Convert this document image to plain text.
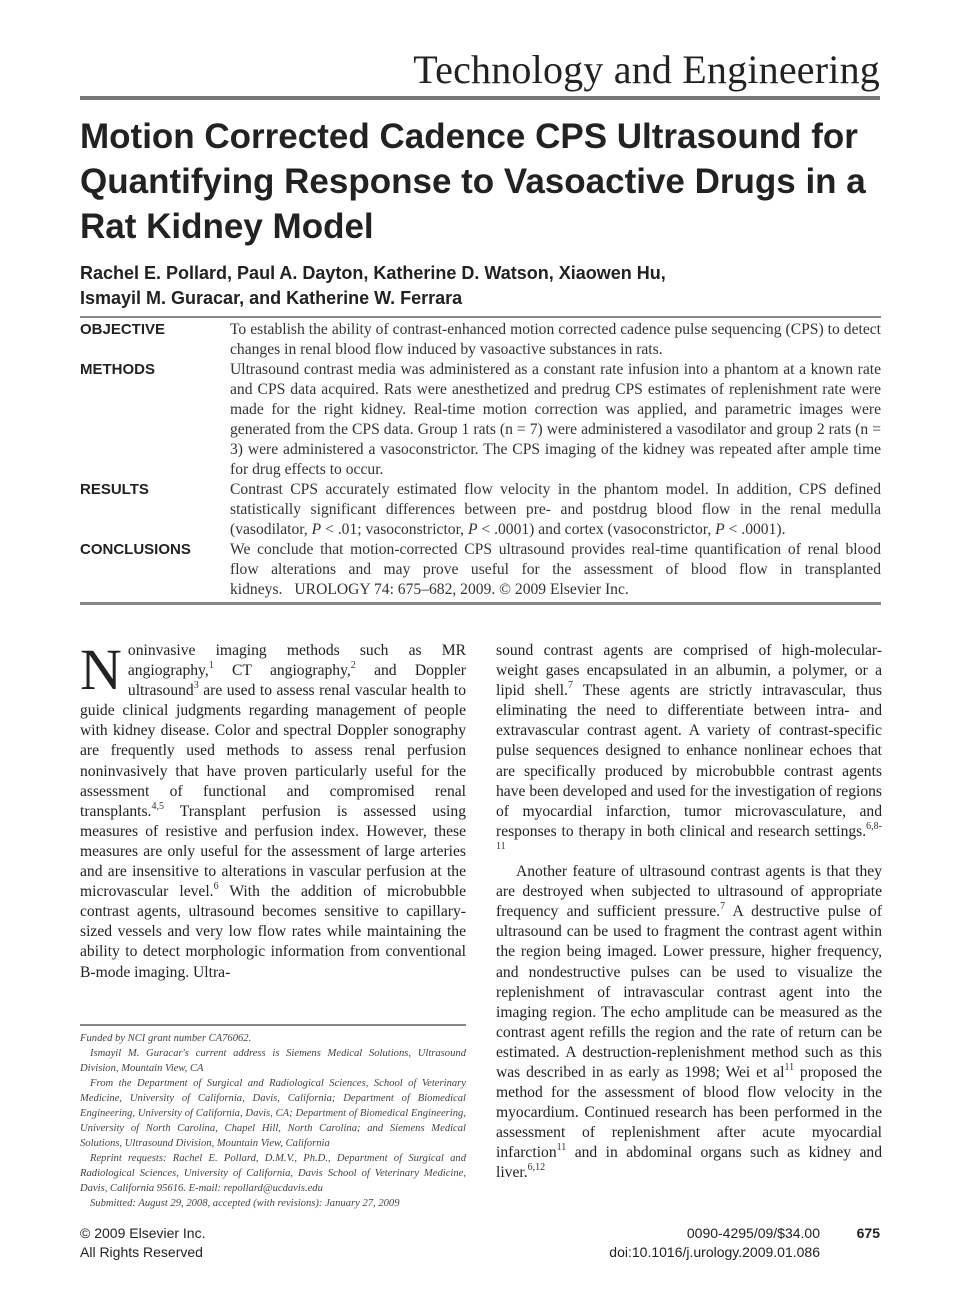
Technology and Engineering
Motion Corrected Cadence CPS Ultrasound for Quantifying Response to Vasoactive Drugs in a Rat Kidney Model
Rachel E. Pollard, Paul A. Dayton, Katherine D. Watson, Xiaowen Hu,
Ismayil M. Guracar, and Katherine W. Ferrara
OBJECTIVE	To establish the ability of contrast-enhanced motion corrected cadence pulse sequencing (CPS) to detect changes in renal blood flow induced by vasoactive substances in rats.
METHODS	Ultrasound contrast media was administered as a constant rate infusion into a phantom at a known rate and CPS data acquired. Rats were anesthetized and predrug CPS estimates of replenishment rate were made for the right kidney. Real-time motion correction was applied, and parametric images were generated from the CPS data. Group 1 rats (n = 7) were administered a vasodilator and group 2 rats (n = 3) were administered a vasoconstrictor. The CPS imaging of the kidney was repeated after ample time for drug effects to occur.
RESULTS	Contrast CPS accurately estimated flow velocity in the phantom model. In addition, CPS defined statistically significant differences between pre- and postdrug blood flow in the renal medulla (vasodilator, P < .01; vasoconstrictor, P < .0001) and cortex (vasoconstrictor, P < .0001).
CONCLUSIONS	We conclude that motion-corrected CPS ultrasound provides real-time quantification of renal blood flow alterations and may prove useful for the assessment of blood flow in transplanted kidneys. UROLOGY 74: 675–682, 2009. © 2009 Elsevier Inc.

Noninvasive imaging methods such as MR angiography,$^1$ CT angiography,$^2$ and Doppler ultrasound$^3$ are used to assess renal vascular health to guide clinical judgments regarding management of people with kidney disease. Color and spectral Doppler sonography are frequently used methods to assess renal perfusion noninvasively that have proven particularly useful for the assessment of functional and compromised renal transplants.$^{4,5}$ Transplant perfusion is assessed using measures of resistive and perfusion index. However, these measures are only useful for the assessment of large arteries and are insensitive to alterations in vascular perfusion at the microvascular level.$^6$ With the addition of microbubble contrast agents, ultrasound becomes sensitive to capillary-sized vessels and very low flow rates while maintaining the ability to detect morphologic information from conventional B-mode imaging. Ultra-

sound contrast agents are comprised of high-molecular-weight gases encapsulated in an albumin, a polymer, or a lipid shell.$^7$ These agents are strictly intravascular, thus eliminating the need to differentiate between intra- and extravascular contrast agent. A variety of contrast-specific pulse sequences designed to enhance nonlinear echoes that are specifically produced by microbubble contrast agents have been developed and used for the investigation of regions of myocardial infarction, tumor microvasculature, and responses to therapy in both clinical and research settings.$^{6,8-11}$

Another feature of ultrasound contrast agents is that they are destroyed when subjected to ultrasound of appropriate frequency and sufficient pressure.$^7$ A destructive pulse of ultrasound can be used to fragment the contrast agent within the region being imaged. Lower pressure, higher frequency, and nondestructive pulses can be used to visualize the replenishment of intravascular contrast agent into the imaging region. The echo amplitude can be measured as the contrast agent refills the region and the rate of return can be estimated. A destruction-replenishment method such as this was described in as early as 1998; Wei et $al^{11}$ proposed the method for the assessment of blood flow velocity in the myocardium. Continued research has been performed in the assessment of replenishment after acute myocardial infarction$^{11}$ and in abdominal organs such as kidney and liver.$^{6,12}$

Funded by NCI grant number CA76062.

Ismayil M. Guracar's current address is Siemens Medical Solutions, Ultrasound Division, Mountain View, CA

From the Department of Surgical and Radiological Sciences, School of Veterinary Medicine, University of California, Davis, California; Department of Biomedical Engineering, University of California, Davis, CA; Department of Biomedical Engineering, University of North Carolina, Chapel Hill, North Carolina; and Siemens Medical Solutions, Ultrasound Division, Mountain View, California

Reprint requests: Rachel E. Pollard, D.M.V., Ph.D., Department of Surgical and Radiological Sciences, University of California, Davis School of Veterinary Medicine, Davis, California 95616. E-mail: repollard@ucdavis.edu

Submitted: August 29, 2008, accepted (with revisions): January 27, 2009

© 2009 Elsevier Inc.
All Rights Reserved
0090-4295/09/$34.00
doi:10.1016/j.urology.2009.01.086
675
